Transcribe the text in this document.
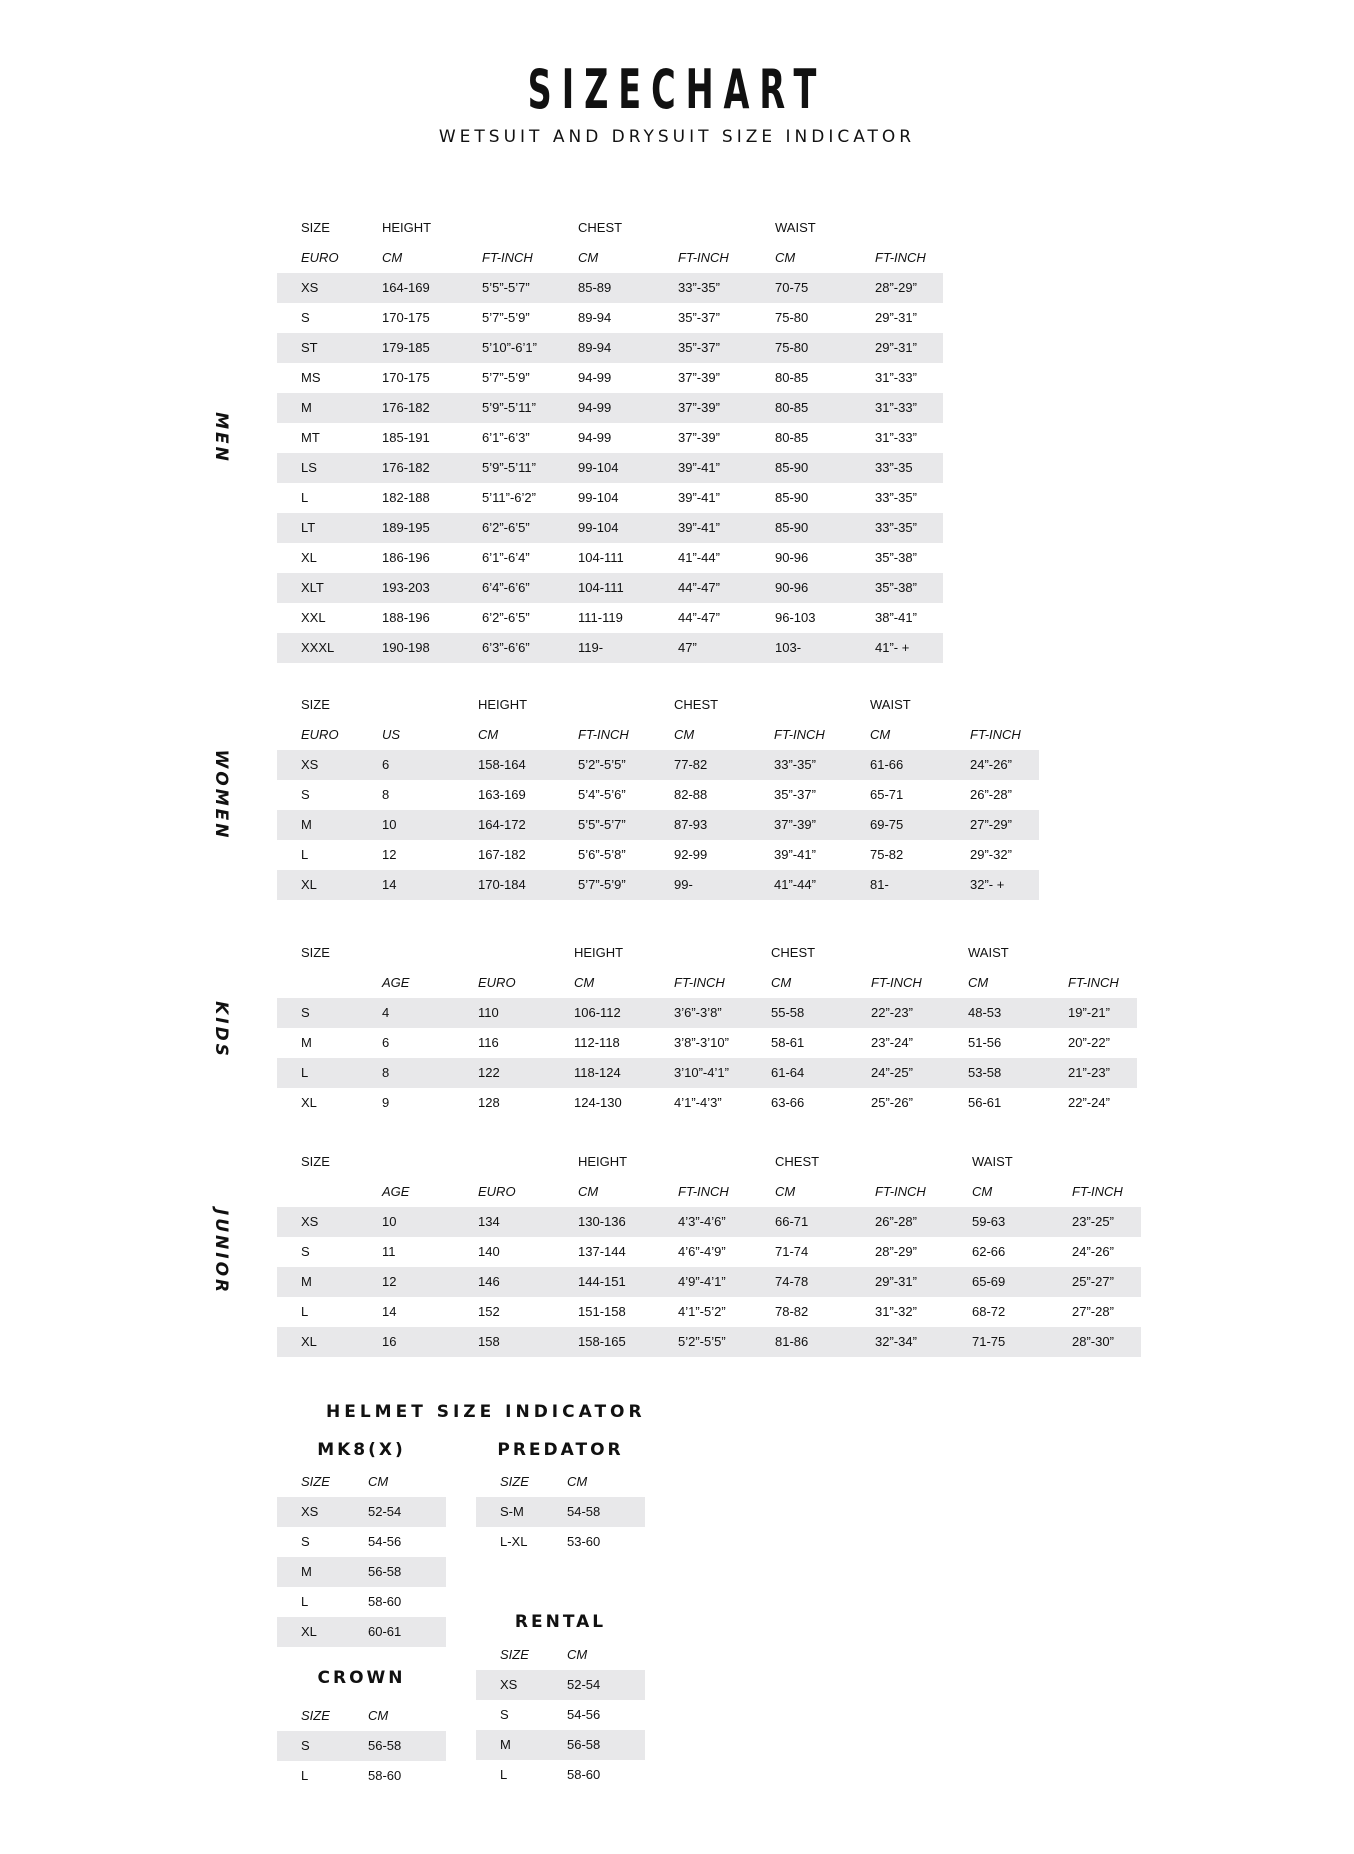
SIZECHART
WETSUIT AND DRYSUIT SIZE INDICATOR
MEN
SIZE	HEIGHT	CHEST	WAIST
EURO	CM	FT-INCH	CM	FT-INCH	CM	FT-INCH
XS	164-169	5’5”-5’7”	85-89	33”-35”	70-75	28”-29”
S	170-175	5’7”-5’9”	89-94	35”-37”	75-80	29”-31”
ST	179-185	5’10”-6’1”	89-94	35”-37”	75-80	29”-31”
MS	170-175	5’7”-5’9”	94-99	37”-39”	80-85	31”-33”
M	176-182	5’9”-5’11”	94-99	37”-39”	80-85	31”-33”
MT	185-191	6’1”-6’3”	94-99	37”-39”	80-85	31”-33”
LS	176-182	5’9”-5’11”	99-104	39”-41”	85-90	33”-35
L	182-188	5’11”-6’2”	99-104	39”-41”	85-90	33”-35”
LT	189-195	6’2”-6’5”	99-104	39”-41”	85-90	33”-35”
XL	186-196	6’1”-6’4”	104-111	41”-44”	90-96	35”-38”
XLT	193-203	6’4”-6’6”	104-111	44”-47”	90-96	35”-38”
XXL	188-196	6’2”-6’5”	111-119	44”-47”	96-103	38”-41”
XXXL	190-198	6’3”-6’6”	119-	47”	103-	41”- +
WOMEN
SIZE	HEIGHT	CHEST	WAIST
EURO	US	CM	FT-INCH	CM	FT-INCH	CM	FT-INCH
XS	6	158-164	5’2”-5’5”	77-82	33”-35”	61-66	24”-26”
S	8	163-169	5’4”-5’6”	82-88	35”-37”	65-71	26”-28”
M	10	164-172	5’5”-5’7”	87-93	37”-39”	69-75	27”-29”
L	12	167-182	5’6”-5’8”	92-99	39”-41”	75-82	29”-32”
XL	14	170-184	5’7”-5’9”	99-	41”-44”	81-	32”- +
KIDS
SIZE	HEIGHT	CHEST	WAIST
AGE	EURO	CM	FT-INCH	CM	FT-INCH	CM	FT-INCH
S	4	110	106-112	3’6”-3’8”	55-58	22”-23”	48-53	19”-21”
M	6	116	112-118	3’8”-3’10”	58-61	23”-24”	51-56	20”-22”
L	8	122	118-124	3’10”-4’1”	61-64	24”-25”	53-58	21”-23”
XL	9	128	124-130	4’1”-4’3”	63-66	25”-26”	56-61	22”-24”
JUNIOR
SIZE	HEIGHT	CHEST	WAIST
AGE	EURO	CM	FT-INCH	CM	FT-INCH	CM	FT-INCH
XS	10	134	130-136	4’3”-4’6”	66-71	26”-28”	59-63	23”-25”
S	11	140	137-144	4’6”-4’9”	71-74	28”-29”	62-66	24”-26”
M	12	146	144-151	4’9”-4’1”	74-78	29”-31”	65-69	25”-27”
L	14	152	151-158	4’1”-5’2”	78-82	31”-32”	68-72	27”-28”
XL	16	158	158-165	5’2”-5’5”	81-86	32”-34”	71-75	28”-30”
HELMET SIZE INDICATOR
MK8(X)
SIZE	CM
XS	52-54
S	54-56
M	56-58
L	58-60
XL	60-61
PREDATOR
SIZE	CM
S-M	54-58
L-XL	53-60
RENTAL
SIZE	CM
XS	52-54
S	54-56
M	56-58
L	58-60
CROWN
SIZE	CM
S	56-58
L	58-60
